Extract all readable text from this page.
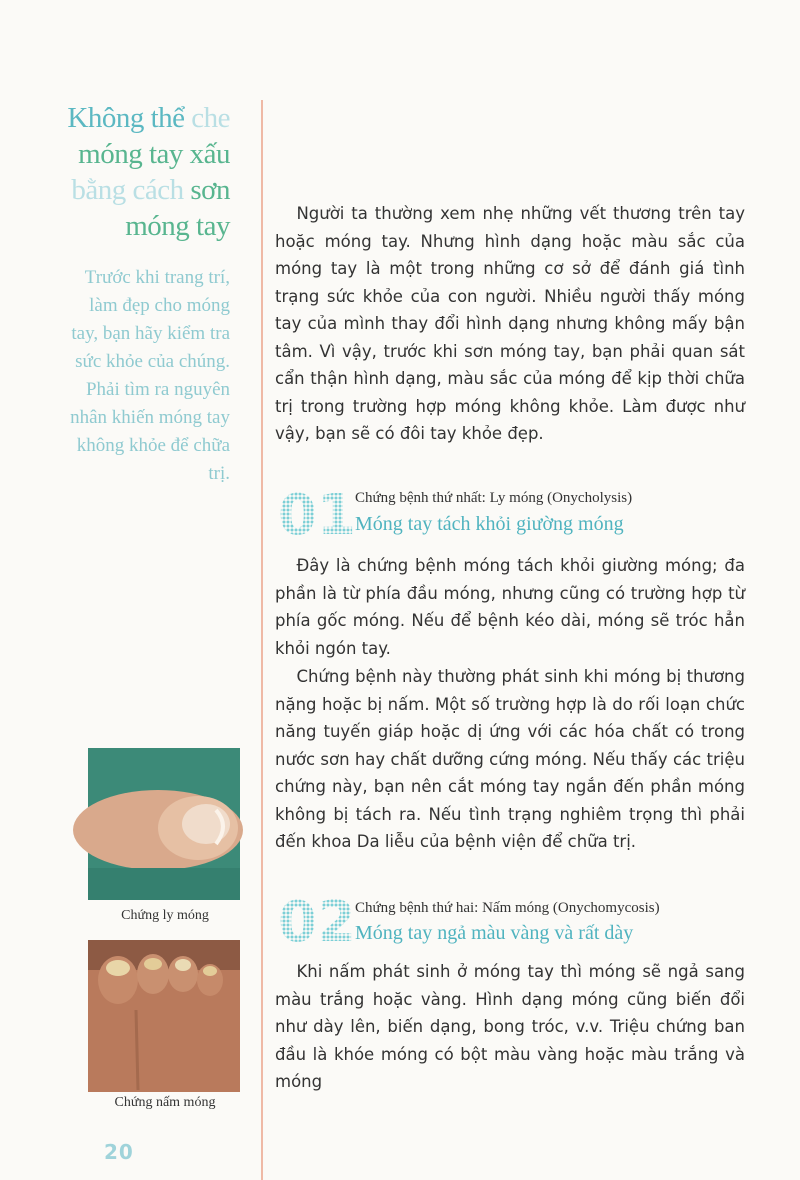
Không thể che
móng tay xấu
bằng cách sơn
móng tay
Trước khi trang trí, làm đẹp cho móng tay, bạn hãy kiểm tra sức khỏe của chúng. Phải tìm ra nguyên nhân khiến móng tay không khỏe để chữa trị.
Chứng ly móng
Chứng nấm móng
20

Người ta thường xem nhẹ những vết thương trên tay hoặc móng tay. Nhưng hình dạng hoặc màu sắc của móng tay là một trong những cơ sở để đánh giá tình trạng sức khỏe của con người. Nhiều người thấy móng tay của mình thay đổi hình dạng nhưng không mấy bận tâm. Vì vậy, trước khi sơn móng tay, bạn phải quan sát cẩn thận hình dạng, màu sắc của móng để kịp thời chữa trị trong trường hợp móng không khỏe. Làm được như vậy, bạn sẽ có đôi tay khỏe đẹp.

01 Chứng bệnh thứ nhất: Ly móng (Onycholysis)
Móng tay tách khỏi giường móng

Đây là chứng bệnh móng tách khỏi giường móng; đa phần là từ phía đầu móng, nhưng cũng có trường hợp từ phía gốc móng. Nếu để bệnh kéo dài, móng sẽ tróc hẳn khỏi ngón tay.

Chứng bệnh này thường phát sinh khi móng bị thương nặng hoặc bị nấm. Một số trường hợp là do rối loạn chức năng tuyến giáp hoặc dị ứng với các hóa chất có trong nước sơn hay chất dưỡng cứng móng. Nếu thấy các triệu chứng này, bạn nên cắt móng tay ngắn đến phần móng không bị tách ra. Nếu tình trạng nghiêm trọng thì phải đến khoa Da liễu của bệnh viện để chữa trị.

02 Chứng bệnh thứ hai: Nấm móng (Onychomycosis)
Móng tay ngả màu vàng và rất dày

Khi nấm phát sinh ở móng tay thì móng sẽ ngả sang màu trắng hoặc vàng. Hình dạng móng cũng biến đổi như dày lên, biến dạng, bong tróc, v.v. Triệu chứng ban đầu là khóe móng có bột màu vàng hoặc màu trắng và móng
